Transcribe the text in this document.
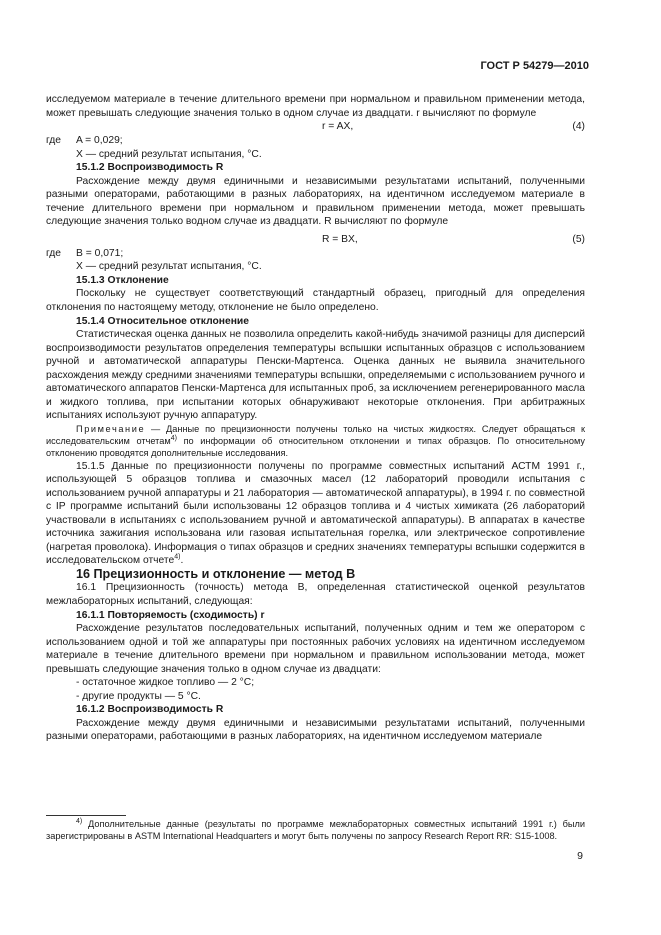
ГОСТ Р 54279—2010

исследуемом материале в течение длительного времени при нормальном и правильном применении метода, может превышать следующие значения только в одном случае из двадцати. r вычисляют по формуле

r = AX,	(4)
где A = 0,029;

X — средний результат испытания, °С.

15.1.2 Воспроизводимость R

Расхождение между двумя единичными и независимыми результатами испытаний, полученными разными операторами, работающими в разных лабораториях, на идентичном исследуемом материале в течение длительного времени при нормальном и правильном применении метода, может превышать следующие значения только водном случае из двадцати. R вычисляют по формуле

R = BX,	(5)
где B = 0,071;

X — средний результат испытания, °С.

15.1.3 Отклонение

Поскольку не существует соответствующий стандартный образец, пригодный для определения отклонения по настоящему методу, отклонение не было определено.

15.1.4 Относительное отклонение

Статистическая оценка данных не позволила определить какой-нибудь значимой разницы для дисперсий воспроизводимости результатов определения температуры вспышки испытанных образцов с использованием ручной и автоматической аппаратуры Пенски-Мартенса. Оценка данных не выявила значительного расхождения между средними значениями температуры вспышки, определяемыми с использованием ручного и автоматического аппаратов Пенски-Мартенса для испытанных проб, за исключением регенерированного масла и жидкого топлива, при испытании которых обнаруживают некоторые отклонения. При арбитражных испытаниях используют ручную аппаратуру.

Примечание — Данные по прецизионности получены только на чистых жидкостях. Следует обращаться к исследовательским отчетам$^{4)}$ по информации об относительном отклонении и типах образцов. По относительному отклонению проводятся дополнительные исследования.

15.1.5 Данные по прецизионности получены по программе совместных испытаний АСТМ 1991 г., использующей 5 образцов топлива и смазочных масел (12 лабораторий проводили испытания с использованием ручной аппаратуры и 21 лаборатория — автоматической аппаратуры), в 1994 г. по совместной с IP программе испытаний были использованы 12 образцов топлива и 4 чистых химиката (26 лабораторий участвовали в испытаниях с использованием ручной и автоматической аппаратуры). В аппаратах в качестве источника зажигания использована или газовая испытательная горелка, или электрическое сопротивление (нагретая проволока). Информация о типах образцов и средних значениях температуры вспышки содержится в исследовательском отчете$^{4)}$.

16 Прецизионность и отклонение — метод В

16.1 Прецизионность (точность) метода В, определенная статистической оценкой результатов межлабораторных испытаний, следующая:

16.1.1 Повторяемость (сходимость) r

Расхождение результатов последовательных испытаний, полученных одним и тем же оператором с использованием одной и той же аппаратуры при постоянных рабочих условиях на идентичном исследуемом материале в течение длительного времени при нормальном и правильном использовании метода, может превышать следующие значения только в одном случае из двадцати:

- остаточное жидкое топливо — 2 °С;

- другие продукты — 5 °С.

16.1.2 Воспроизводимость R

Расхождение между двумя единичными и независимыми результатами испытаний, полученными разными операторами, работающими в разных лабораториях, на идентичном исследуемом материале

$^{4)}$ Дополнительные данные (результаты по программе межлабораторных совместных испытаний 1991 г.) были зарегистрированы в ASTM International Headquarters и могут быть получены по запросу Research Report RR: S15-1008.
9
